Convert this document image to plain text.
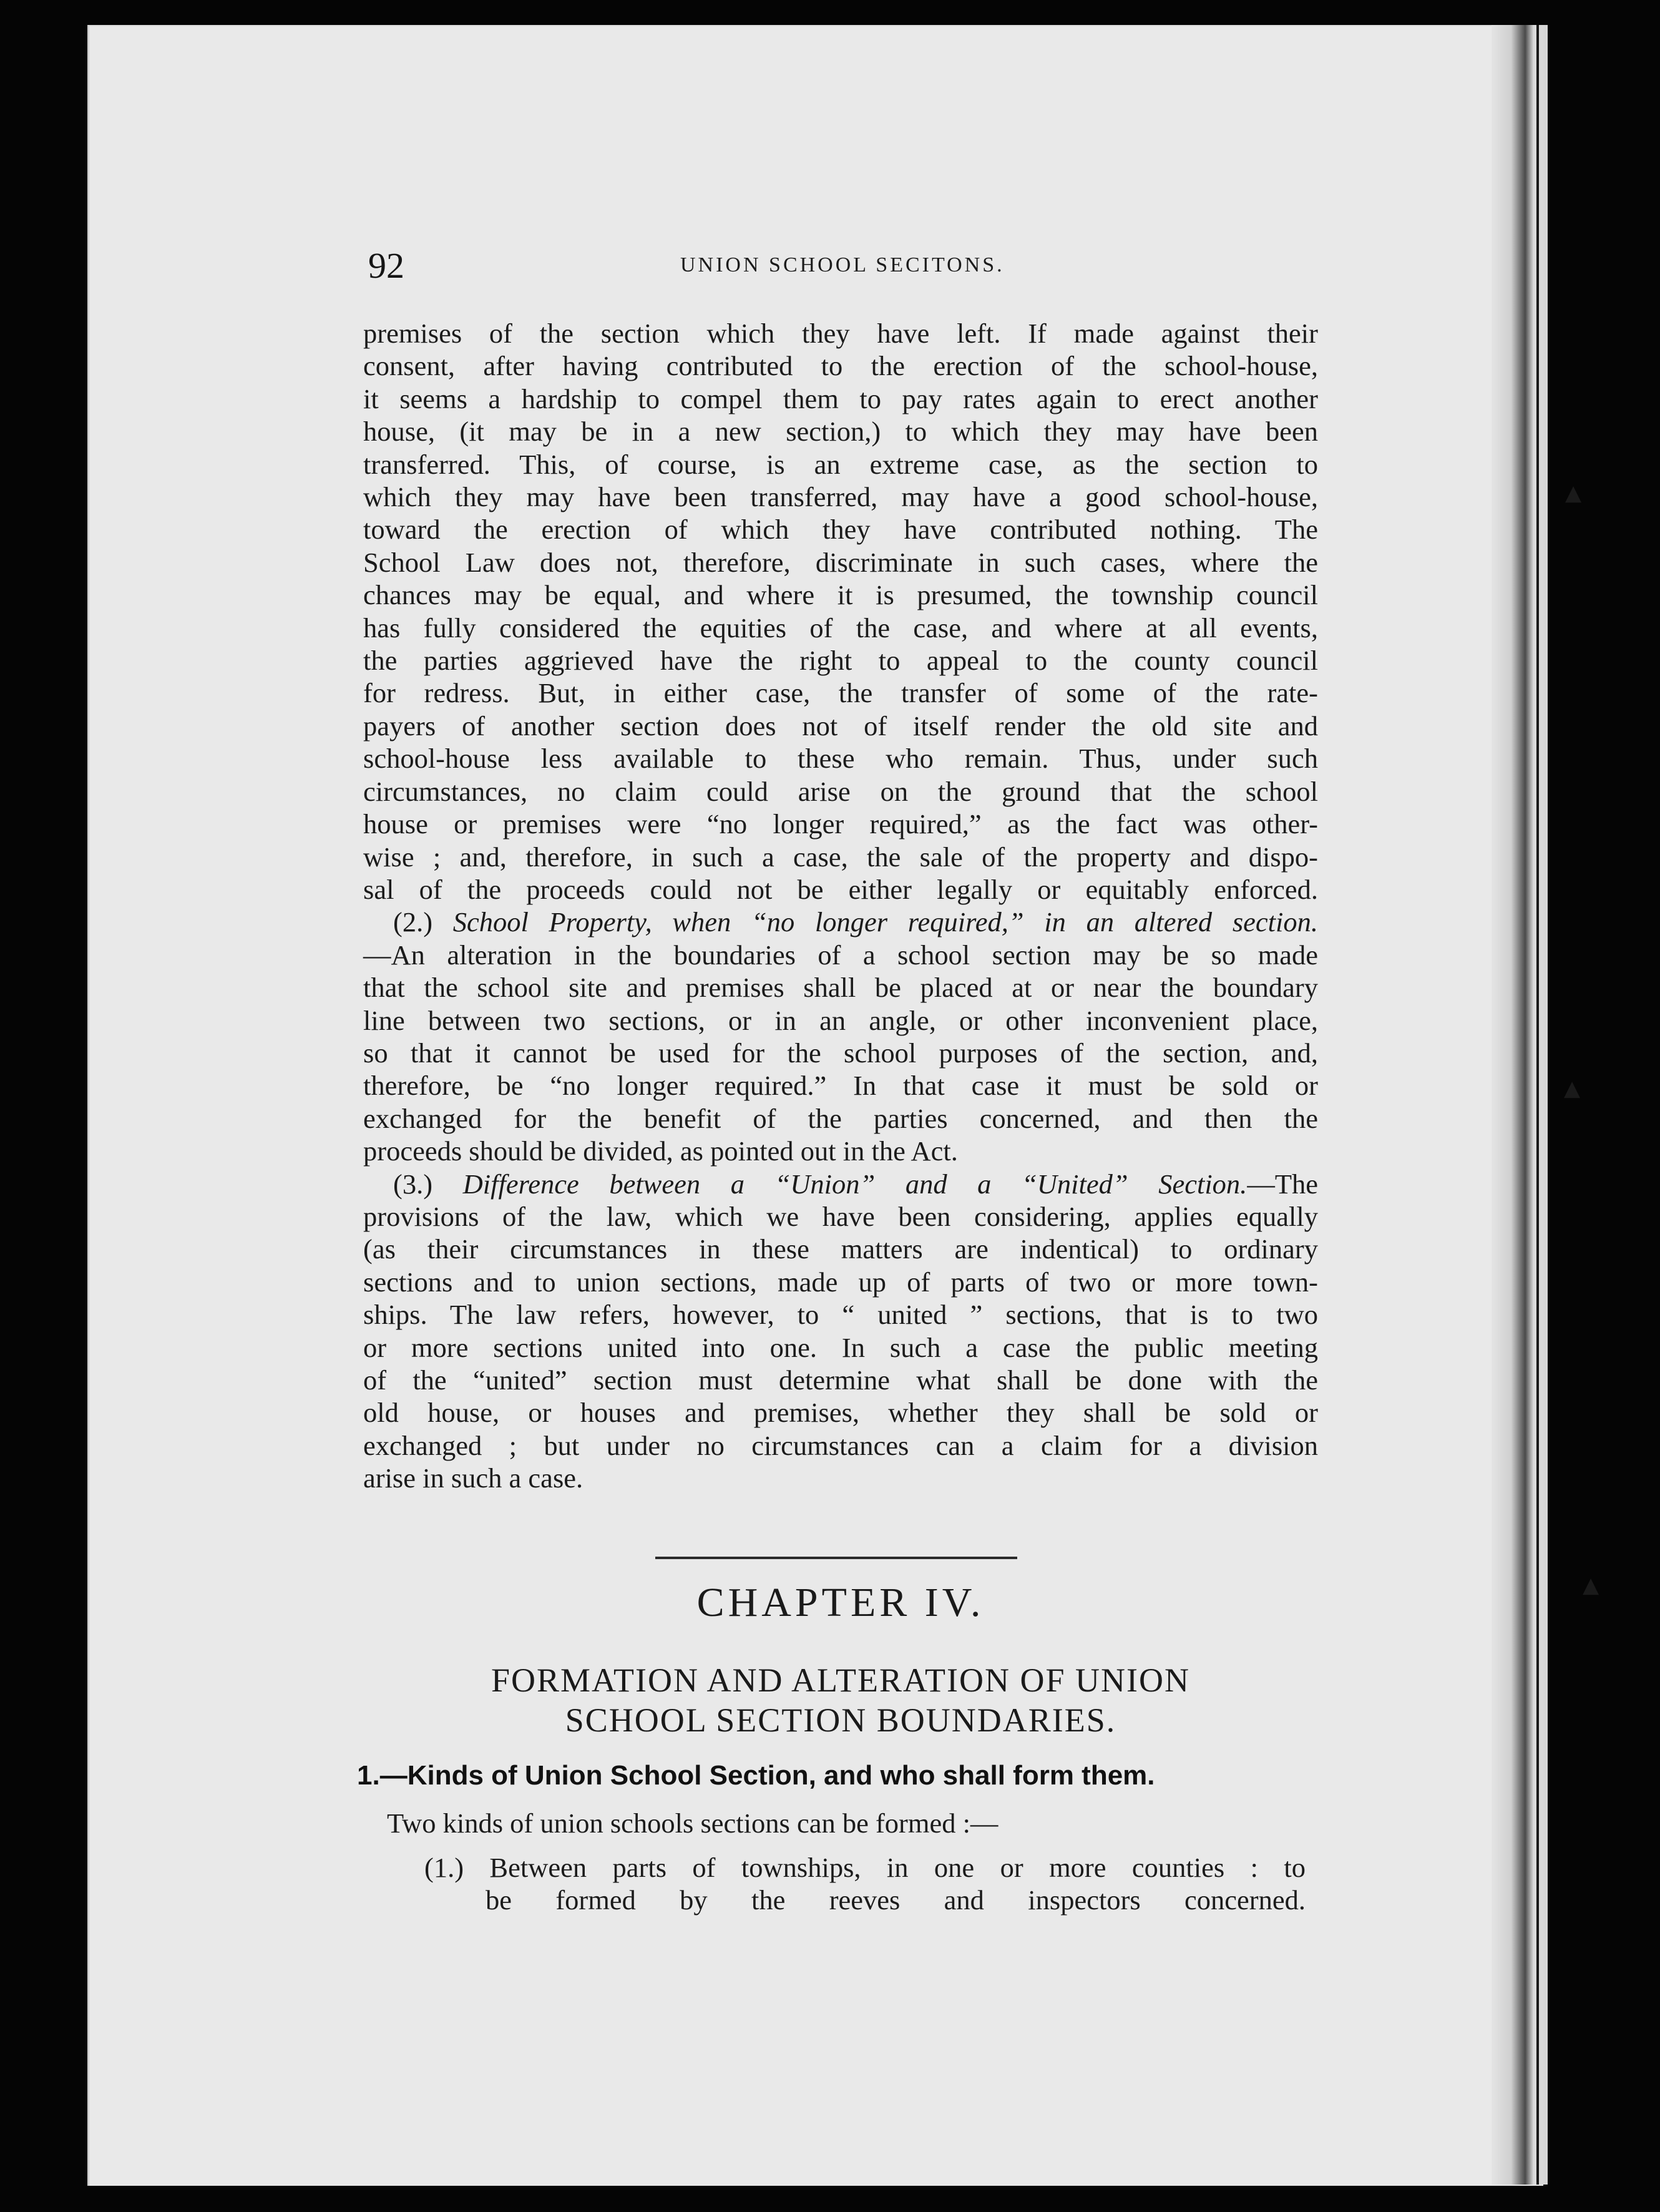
92	UNION SCHOOL SECITONS.
premises of the section which they have left. If made against their
consent, after having contributed to the erection of the school-house,
it seems a hardship to compel them to pay rates again to erect another
house, (it may be in a new section,) to which they may have been
transferred. This, of course, is an extreme case, as the section to
which they may have been transferred, may have a good school-house,
toward the erection of which they have contributed nothing. The
School Law does not, therefore, discriminate in such cases, where the
chances may be equal, and where it is presumed, the township council
has fully considered the equities of the case, and where at all events,
the parties aggrieved have the right to appeal to the county council
for redress. But, in either case, the transfer of some of the rate-
payers of another section does not of itself render the old site and
school-house less available to these who remain. Thus, under such
circumstances, no claim could arise on the ground that the school
house or premises were “no longer required,” as the fact was other-
wise ; and, therefore, in such a case, the sale of the property and dispo-
sal of the proceeds could not be either legally or equitably enforced.
(2.) School Property, when “no longer required,” in an altered section.
—An alteration in the boundaries of a school section may be so made
that the school site and premises shall be placed at or near the boundary
line between two sections, or in an angle, or other inconvenient place,
so that it cannot be used for the school purposes of the section, and,
therefore, be “no longer required.” In that case it must be sold or
exchanged for the benefit of the parties concerned, and then the
proceeds should be divided, as pointed out in the Act.
(3.) Difference between a “Union” and a “United” Section.—The
provisions of the law, which we have been considering, applies equally
(as their circumstances in these matters are indentical) to ordinary
sections and to union sections, made up of parts of two or more town-
ships. The law refers, however, to “ united ” sections, that is to two
or more sections united into one. In such a case the public meeting
of the “united” section must determine what shall be done with the
old house, or houses and premises, whether they shall be sold or
exchanged ; but under no circumstances can a claim for a division
arise in such a case.
CHAPTER IV.
FORMATION AND ALTERATION OF UNION
SCHOOL SECTION BOUNDARIES.
1.—Kinds of Union School Section, and who shall form them.
Two kinds of union schools sections can be formed :—
(1.) Between parts of townships, in one or more counties : to
be formed by the reeves and inspectors concerned.
▲
▲
▲
